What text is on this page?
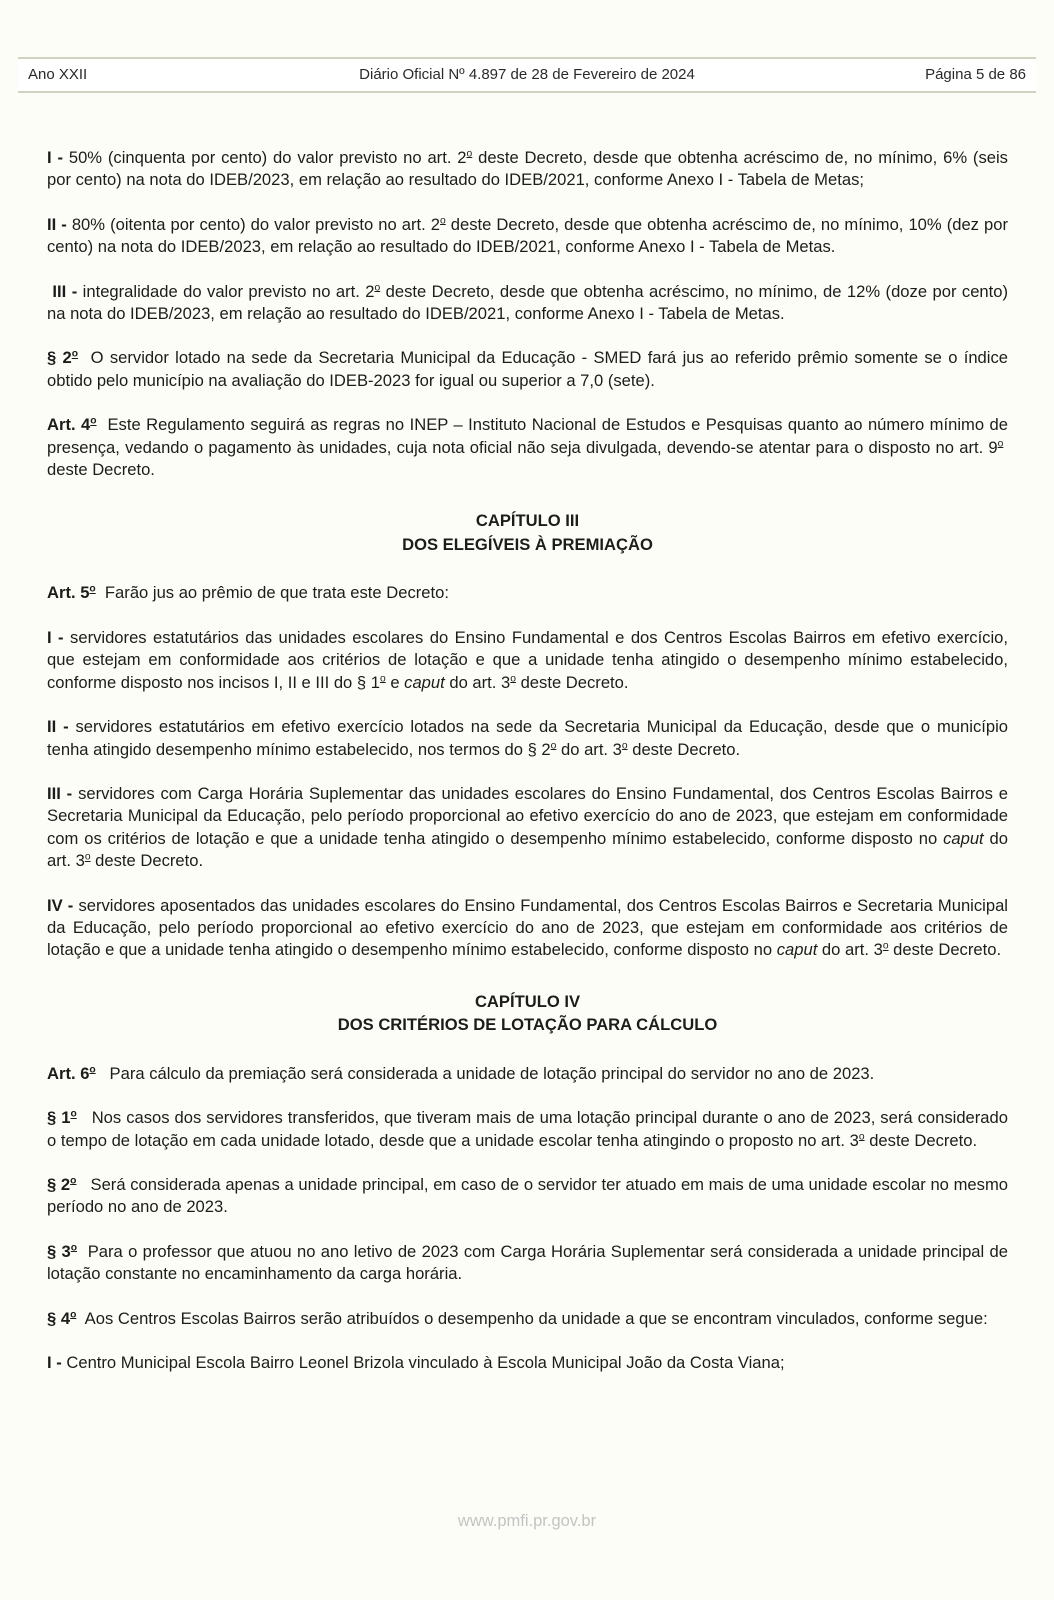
Ano XXII	Diário Oficial Nº 4.897 de 28 de Fevereiro de 2024	Página 5 de 86

I - 50% (cinquenta por cento) do valor previsto no art. 2$^o$ deste Decreto, desde que obtenha acréscimo de, no mínimo, 6% (seis por cento) na nota do IDEB/2023, em relação ao resultado do IDEB/2021, conforme Anexo I - Tabela de Metas;

II - 80% (oitenta por cento) do valor previsto no art. 2$^o$ deste Decreto, desde que obtenha acréscimo de, no mínimo, 10% (dez por cento) na nota do IDEB/2023, em relação ao resultado do IDEB/2021, conforme Anexo I - Tabela de Metas.

III - integralidade do valor previsto no art. 2$^o$ deste Decreto, desde que obtenha acréscimo, no mínimo, de 12% (doze por cento) na nota do IDEB/2023, em relação ao resultado do IDEB/2021, conforme Anexo I - Tabela de Metas.

§ 2$^o$  O servidor lotado na sede da Secretaria Municipal da Educação - SMED fará jus ao referido prêmio somente se o índice obtido pelo município na avaliação do IDEB-2023 for igual ou superior a 7,0 (sete).

Art. 4$^o$  Este Regulamento seguirá as regras no INEP – Instituto Nacional de Estudos e Pesquisas quanto ao número mínimo de presença, vedando o pagamento às unidades, cuja nota oficial não seja divulgada, devendo-se atentar para o disposto no art. 9$^o$  deste Decreto.

CAPÍTULO III
DOS ELEGÍVEIS À PREMIAÇÃO

Art. 5$^o$  Farão jus ao prêmio de que trata este Decreto:

I - servidores estatutários das unidades escolares do Ensino Fundamental e dos Centros Escolas Bairros em efetivo exercício, que estejam em conformidade aos critérios de lotação e que a unidade tenha atingido o desempenho mínimo estabelecido, conforme disposto nos incisos I, II e III do § 1$^o$ e caput do art. 3$^o$ deste Decreto.

II - servidores estatutários em efetivo exercício lotados na sede da Secretaria Municipal da Educação, desde que o município tenha atingido desempenho mínimo estabelecido, nos termos do § 2$^o$ do art. 3$^o$ deste Decreto.

III - servidores com Carga Horária Suplementar das unidades escolares do Ensino Fundamental, dos Centros Escolas Bairros e Secretaria Municipal da Educação, pelo período proporcional ao efetivo exercício do ano de 2023, que estejam em conformidade com os critérios de lotação e que a unidade tenha atingido o desempenho mínimo estabelecido, conforme disposto no caput do art. 3$^o$ deste Decreto.

IV - servidores aposentados das unidades escolares do Ensino Fundamental, dos Centros Escolas Bairros e Secretaria Municipal da Educação, pelo período proporcional ao efetivo exercício do ano de 2023, que estejam em conformidade aos critérios de lotação e que a unidade tenha atingido o desempenho mínimo estabelecido, conforme disposto no caput do art. 3$^o$ deste Decreto.

CAPÍTULO IV
DOS CRITÉRIOS DE LOTAÇÃO PARA CÁLCULO

Art. 6$^o$   Para cálculo da premiação será considerada a unidade de lotação principal do servidor no ano de 2023.

§ 1$^o$   Nos casos dos servidores transferidos, que tiveram mais de uma lotação principal durante o ano de 2023, será considerado o tempo de lotação em cada unidade lotado, desde que a unidade escolar tenha atingindo o proposto no art. 3$^o$ deste Decreto.

§ 2$^o$   Será considerada apenas a unidade principal, em caso de o servidor ter atuado em mais de uma unidade escolar no mesmo período no ano de 2023.

§ 3$^o$  Para o professor que atuou no ano letivo de 2023 com Carga Horária Suplementar será considerada a unidade principal de lotação constante no encaminhamento da carga horária.

§ 4$^o$  Aos Centros Escolas Bairros serão atribuídos o desempenho da unidade a que se encontram vinculados, conforme segue:

I - Centro Municipal Escola Bairro Leonel Brizola vinculado à Escola Municipal João da Costa Viana;

www.pmfi.pr.gov.br
